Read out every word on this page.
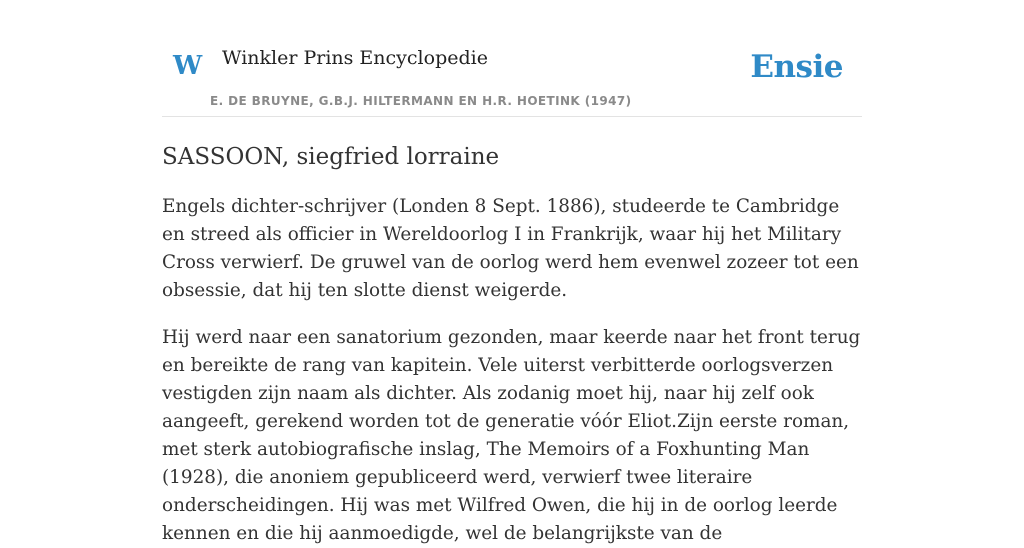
W Winkler Prins Encyclopedie
E. DE BRUYNE, G.B.J. HILTERMANN EN H.R. HOETINK (1947)
Ensie
SASSOON, siegfried lorraine

Engels dichter-schrijver (Londen 8 Sept. 1886), studeerde te Cambridge en streed als officier in Wereldoorlog I in Frankrijk, waar hij het Military Cross verwierf. De gruwel van de oorlog werd hem evenwel zozeer tot een obsessie, dat hij ten slotte dienst weigerde.

Hij werd naar een sanatorium gezonden, maar keerde naar het front terug en bereikte de rang van kapitein. Vele uiterst verbitterde oorlogsverzen vestigden zijn naam als dichter. Als zodanig moet hij, naar hij zelf ook aangeeft, gerekend worden tot de generatie vóór Eliot.Zijn eerste roman, met sterk autobiografische inslag, The Memoirs of a Foxhunting Man (1928), die anoniem gepubliceerd werd, verwierf twee literaire onderscheidingen. Hij was met Wilfred Owen, die hij in de oorlog leerde kennen en die hij aanmoedigde, wel de belangrijkste van de
